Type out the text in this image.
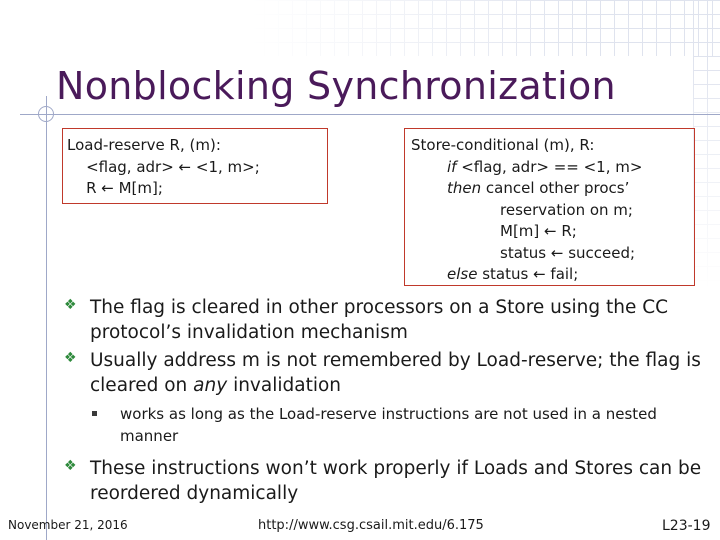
Nonblocking Synchronization
Load-reserve R, (m):
<flag, adr> ← <1, m>;
R ← M[m];
Store-conditional (m), R:
if <flag, adr> == <1, m>
then cancel other procs’
reservation on m;
M[m] ← R;
status ← succeed;
else status ← fail;
❖ The flag is cleared in other processors on a Store using the CC protocol’s invalidation mechanism
❖ Usually address m is not remembered by Load-reserve; the flag is cleared on any invalidation
works as long as the Load-reserve instructions are not used in a nested manner
❖ These instructions won’t work properly if Loads and Stores can be reordered dynamically
November 21, 2016	http://www.csg.csail.mit.edu/6.175	L23-19
